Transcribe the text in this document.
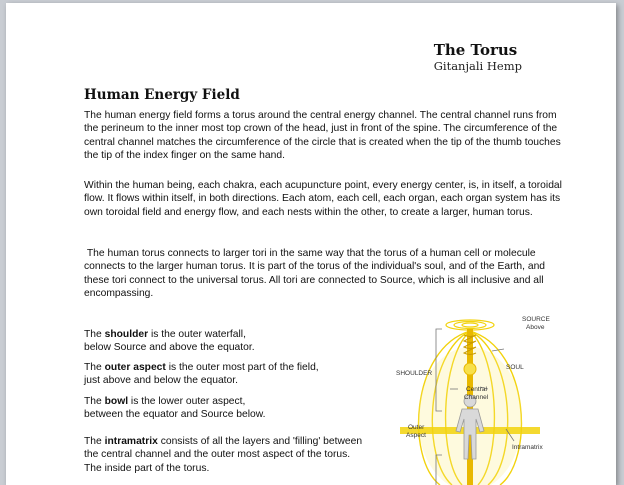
The Torus
Gitanjali Hemp
Human Energy Field

The human energy field forms a torus around the central energy channel. The central channel runs from the perineum to the inner most top crown of the head, just in front of the spine. The circumference of the central channel matches the circumference of the circle that is created when the tip of the thumb touches the tip of the index finger on the same hand.

Within the human being, each chakra, each acupuncture point, every energy center, is, in itself, a toroidal flow. It flows within itself, in both directions. Each atom, each cell, each organ, each organ system has its own toroidal field and energy flow, and each nests within the other, to create a larger, human torus.

The human torus connects to larger tori in the same way that the torus of a human cell or molecule connects to the larger human torus. It is part of the torus of the individual's soul, and of the Earth, and these tori connect to the universal torus. All tori are connected to Source, which is all inclusive and all encompassing.

The shoulder is the outer waterfall,
below Source and above the equator.
The outer aspect is the outer most part of the field,
just above and below the equator.
The bowl is the lower outer aspect,
between the equator and Source below.
The intramatrix consists of all the layers and 'filling' between
the central channel and the outer most aspect of the torus.
The inside part of the torus.
SOURCE
Above
SOUL
SHOULDER
Central
Channel
Outer
Aspect
Intramatrix
